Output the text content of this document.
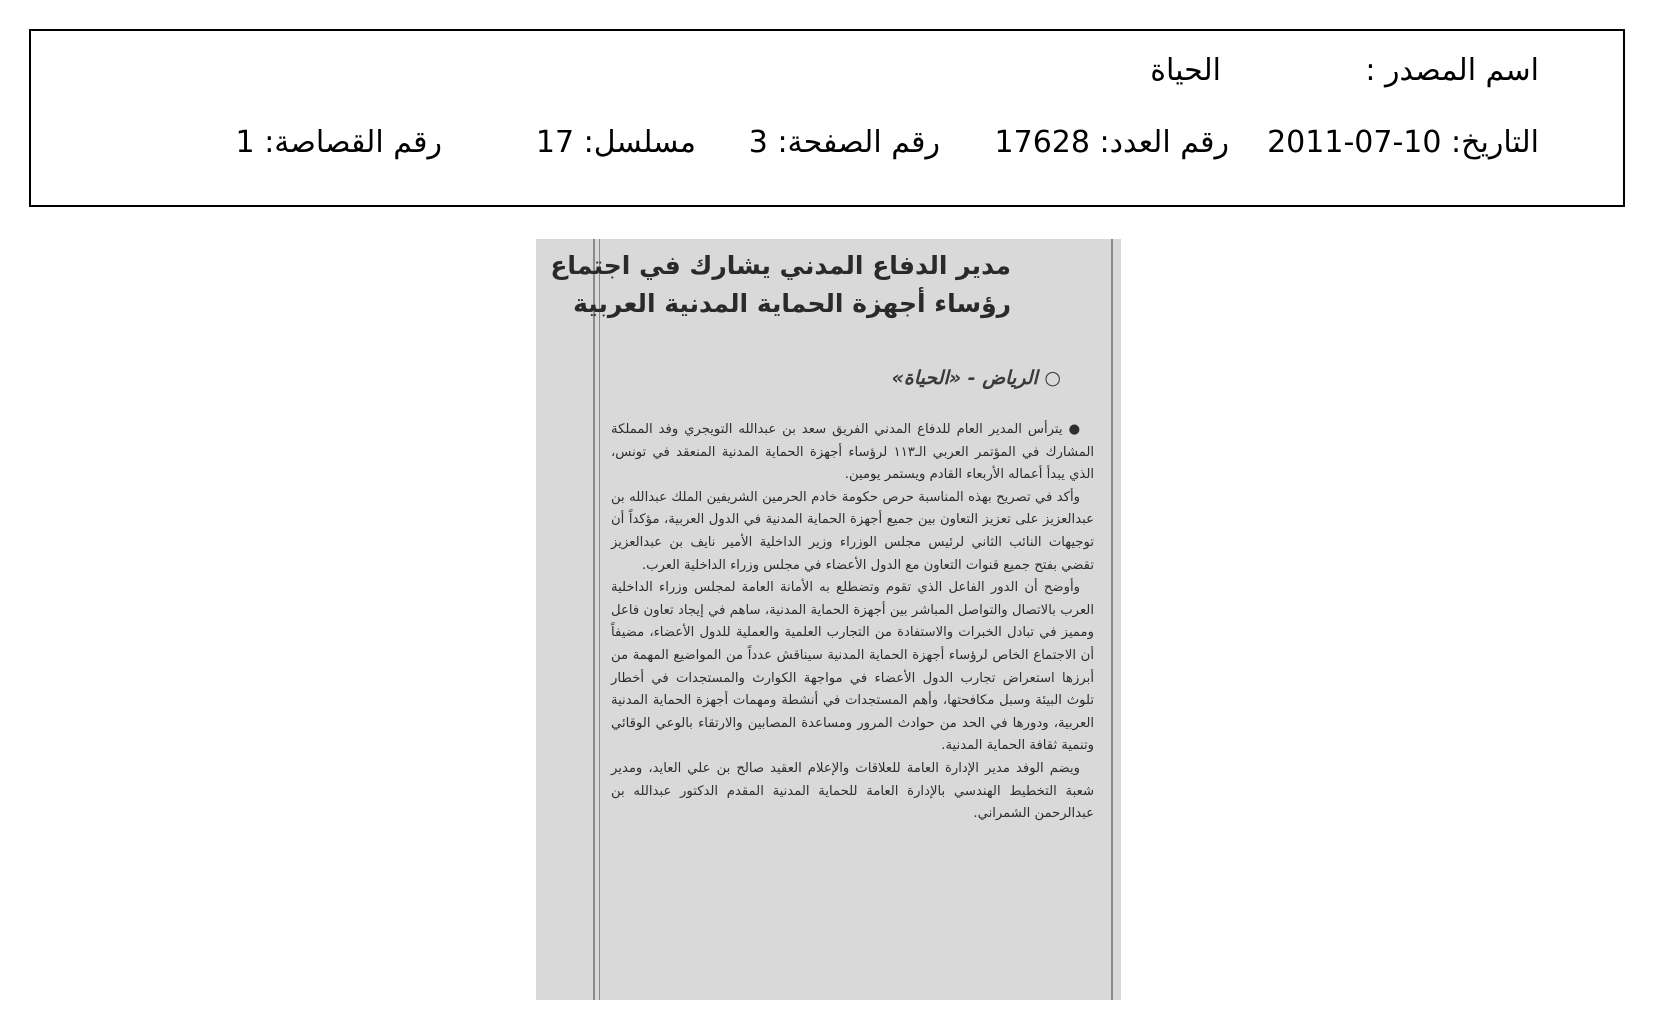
اسم المصدر :
الحياة
التاريخ: 10-07-2011
رقم العدد: 17628
رقم الصفحة: 3
مسلسل: 17
رقم القصاصة: 1
مدير الدفاع المدني يشارك في اجتماع
رؤساء أجهزة الحماية المدنية العربية
○ الرياض - «الحياة»

● يترأس المدير العام للدفاع المدني الفريق سعد بن عبدالله التويجري وفد المملكة المشارك في المؤتمر العربي الـ١١٣ لرؤساء أجهزة الحماية المدنية المنعقد في تونس، الذي يبدأ أعماله الأربعاء القادم ويستمر يومين.

وأكد في تصريح بهذه المناسبة حرص حكومة خادم الحرمين الشريفين الملك عبدالله بن عبدالعزيز على تعزيز التعاون بين جميع أجهزة الحماية المدنية في الدول العربية، مؤكداً أن توجيهات النائب الثاني لرئيس مجلس الوزراء وزير الداخلية الأمير نايف بن عبدالعزيز تقضي بفتح جميع قنوات التعاون مع الدول الأعضاء في مجلس وزراء الداخلية العرب.

وأوضح أن الدور الفاعل الذي تقوم وتضطلع به الأمانة العامة لمجلس وزراء الداخلية العرب بالاتصال والتواصل المباشر بين أجهزة الحماية المدنية، ساهم في إيجاد تعاون فاعل ومميز في تبادل الخبرات والاستفادة من التجارب العلمية والعملية للدول الأعضاء، مضيفاً أن الاجتماع الخاص لرؤساء أجهزة الحماية المدنية سيناقش عدداً من المواضيع المهمة من أبرزها استعراض تجارب الدول الأعضاء في مواجهة الكوارث والمستجدات في أخطار تلوث البيئة وسبل مكافحتها، وأهم المستجدات في أنشطة ومهمات أجهزة الحماية المدنية العربية، ودورها في الحد من حوادث المرور ومساعدة المصابين والارتقاء بالوعي الوقائي وتنمية ثقافة الحماية المدنية.

ويضم الوفد مدير الإدارة العامة للعلاقات والإعلام العقيد صالح بن علي العايد، ومدير شعبة التخطيط الهندسي بالإدارة العامة للحماية المدنية المقدم الدكتور عبدالله بن عبدالرحمن الشمراني.
